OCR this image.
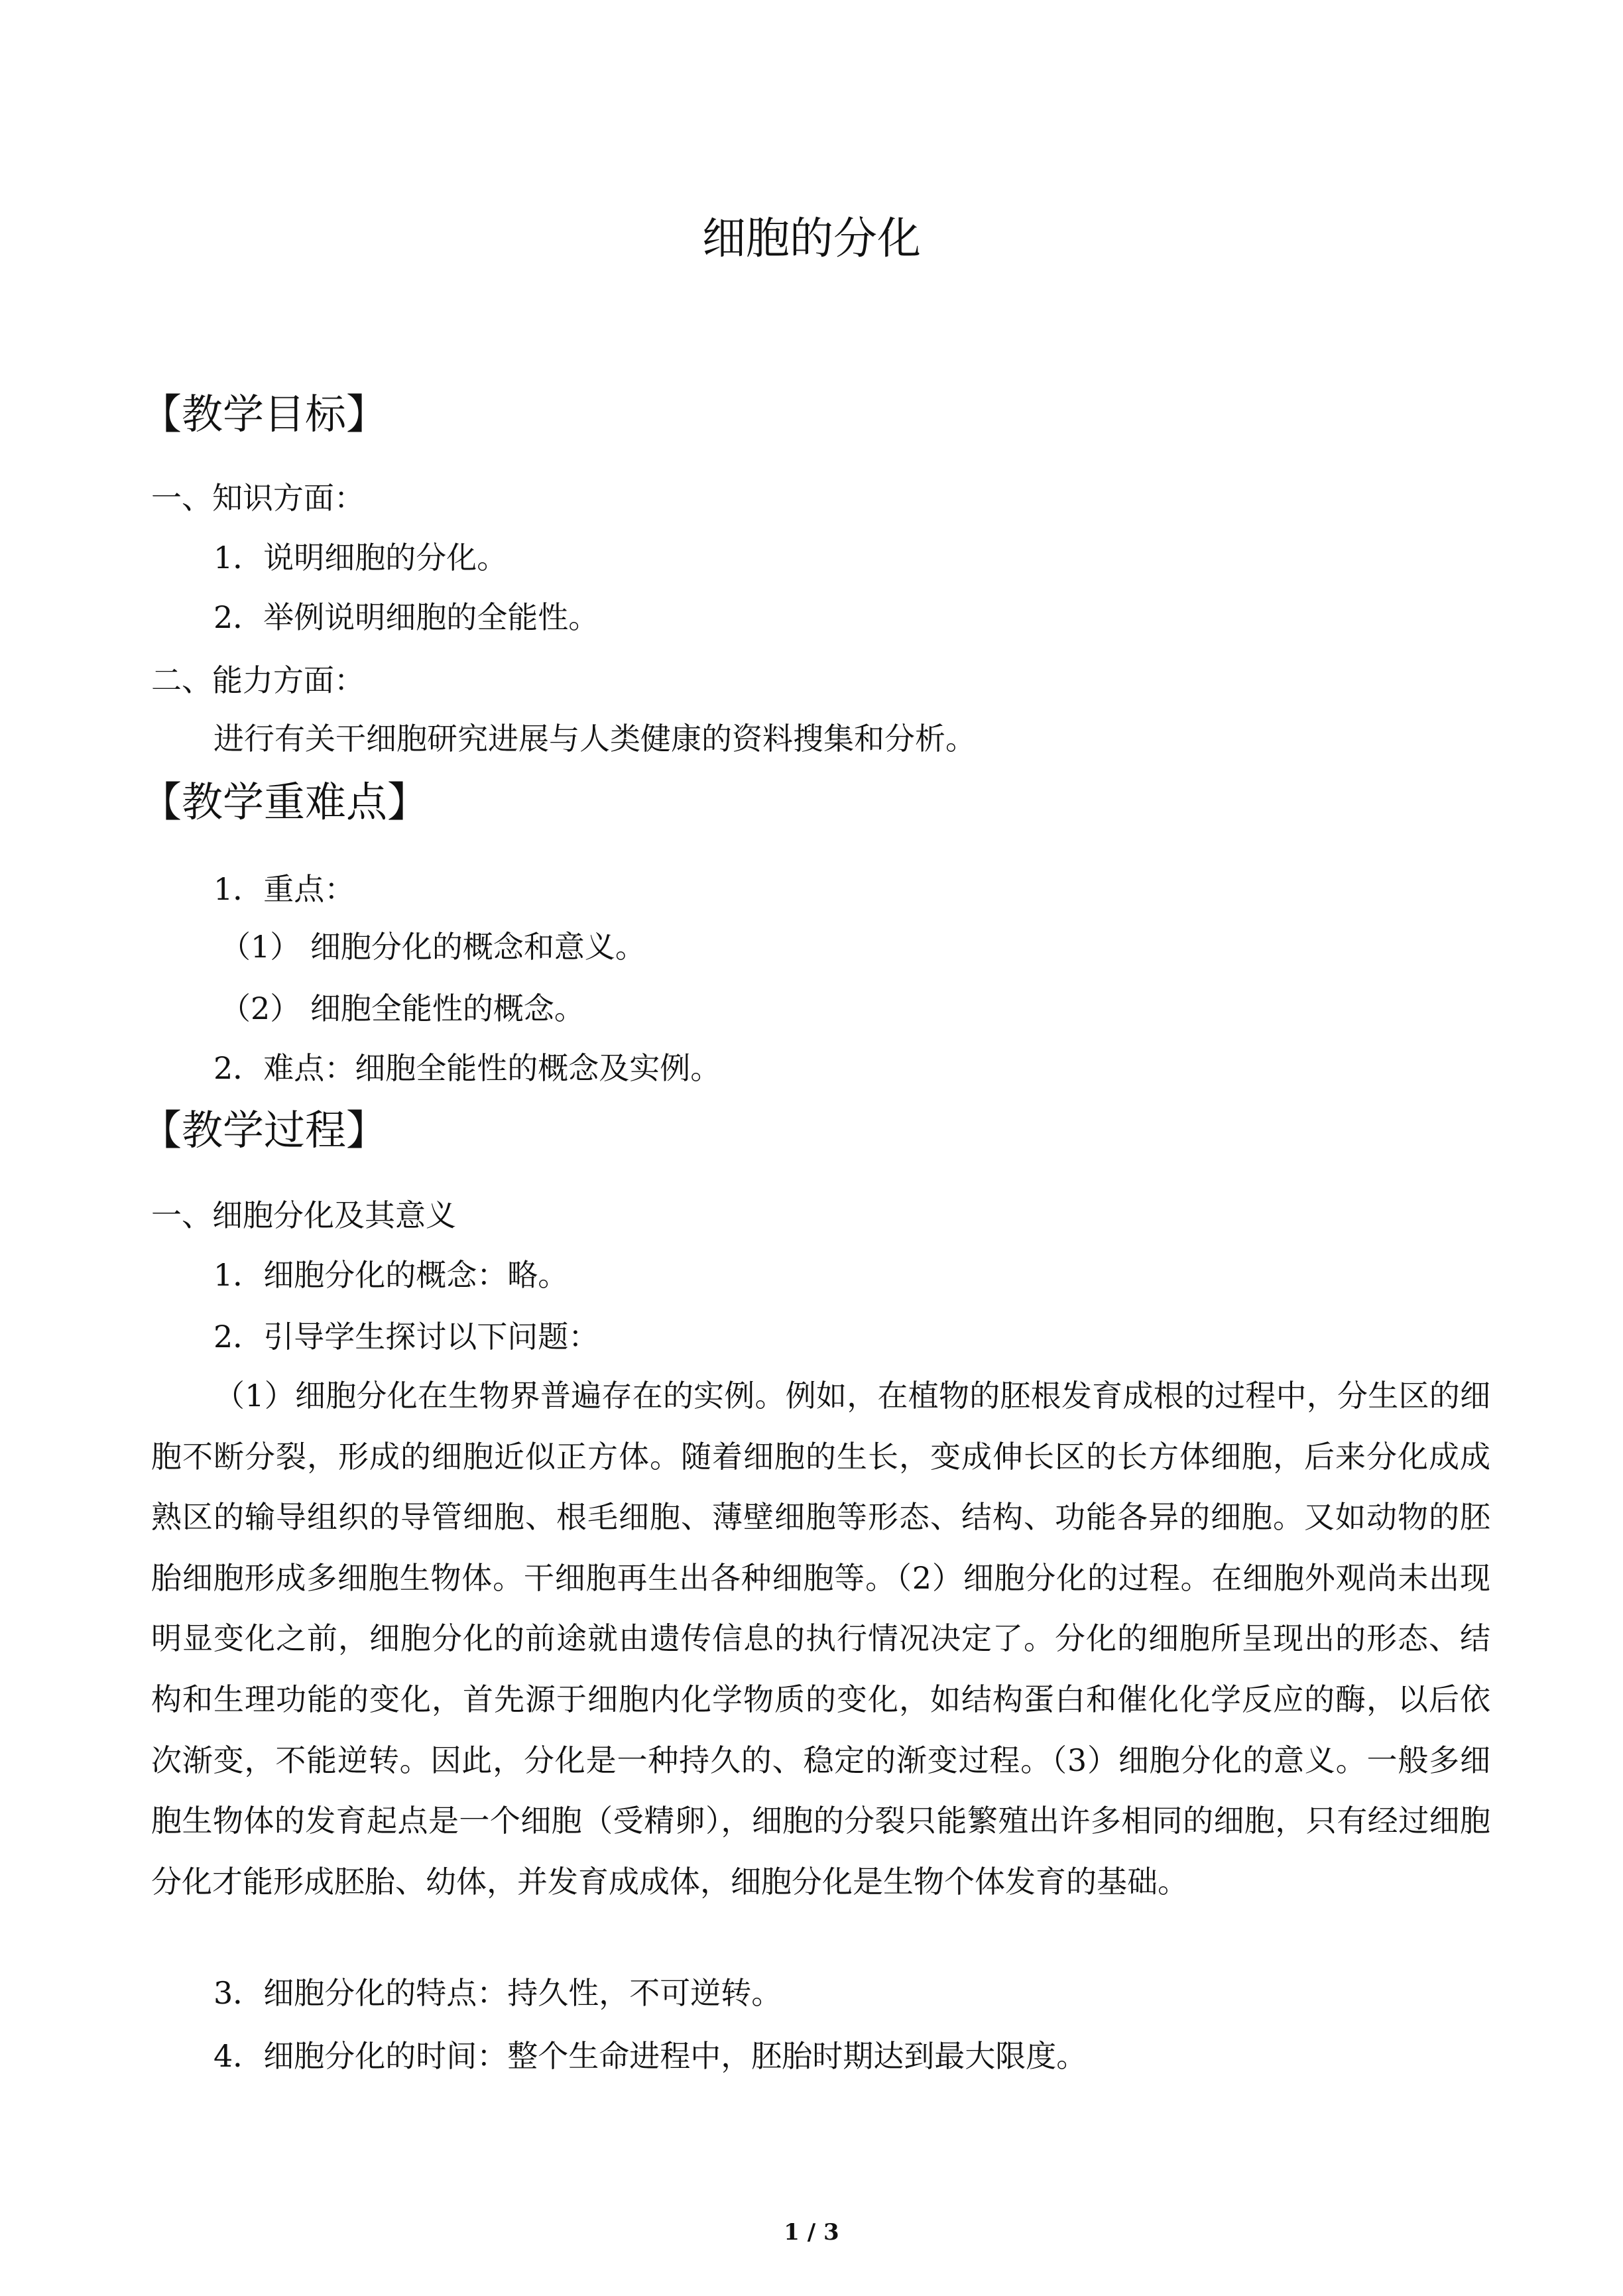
细胞的分化
【教学目标】
一、知识方面：
1．说明细胞的分化。
2．举例说明细胞的全能性。
二、能力方面：
进行有关干细胞研究进展与人类健康的资料搜集和分析。
【教学重难点】
1．重点：
（1） 细胞分化的概念和意义。
（2） 细胞全能性的概念。
2．难点：细胞全能性的概念及实例。
【教学过程】
一、细胞分化及其意义
1．细胞分化的概念：略。
2．引导学生探讨以下问题：
（1）细胞分化在生物界普遍存在的实例。例如，在植物的胚根发育成根的过程中，分生区的细胞不断分裂，形成的细胞近似正方体。随着细胞的生长，变成伸长区的长方体细胞，后来分化成成熟区的输导组织的导管细胞、根毛细胞、薄壁细胞等形态、结构、功能各异的细胞。又如动物的胚胎细胞形成多细胞生物体。干细胞再生出各种细胞等。（2）细胞分化的过程。在细胞外观尚未出现明显变化之前，细胞分化的前途就由遗传信息的执行情况决定了。分化的细胞所呈现出的形态、结构和生理功能的变化，首先源于细胞内化学物质的变化，如结构蛋白和催化化学反应的酶，以后依次渐变，不能逆转。因此，分化是一种持久的、稳定的渐变过程。（3）细胞分化的意义。一般多细胞生物体的发育起点是一个细胞（受精卵），细胞的分裂只能繁殖出许多相同的细胞，只有经过细胞分化才能形成胚胎、幼体，并发育成成体，细胞分化是生物个体发育的基础。
3．细胞分化的特点：持久性，不可逆转。
4．细胞分化的时间：整个生命进程中，胚胎时期达到最大限度。
1 / 3
